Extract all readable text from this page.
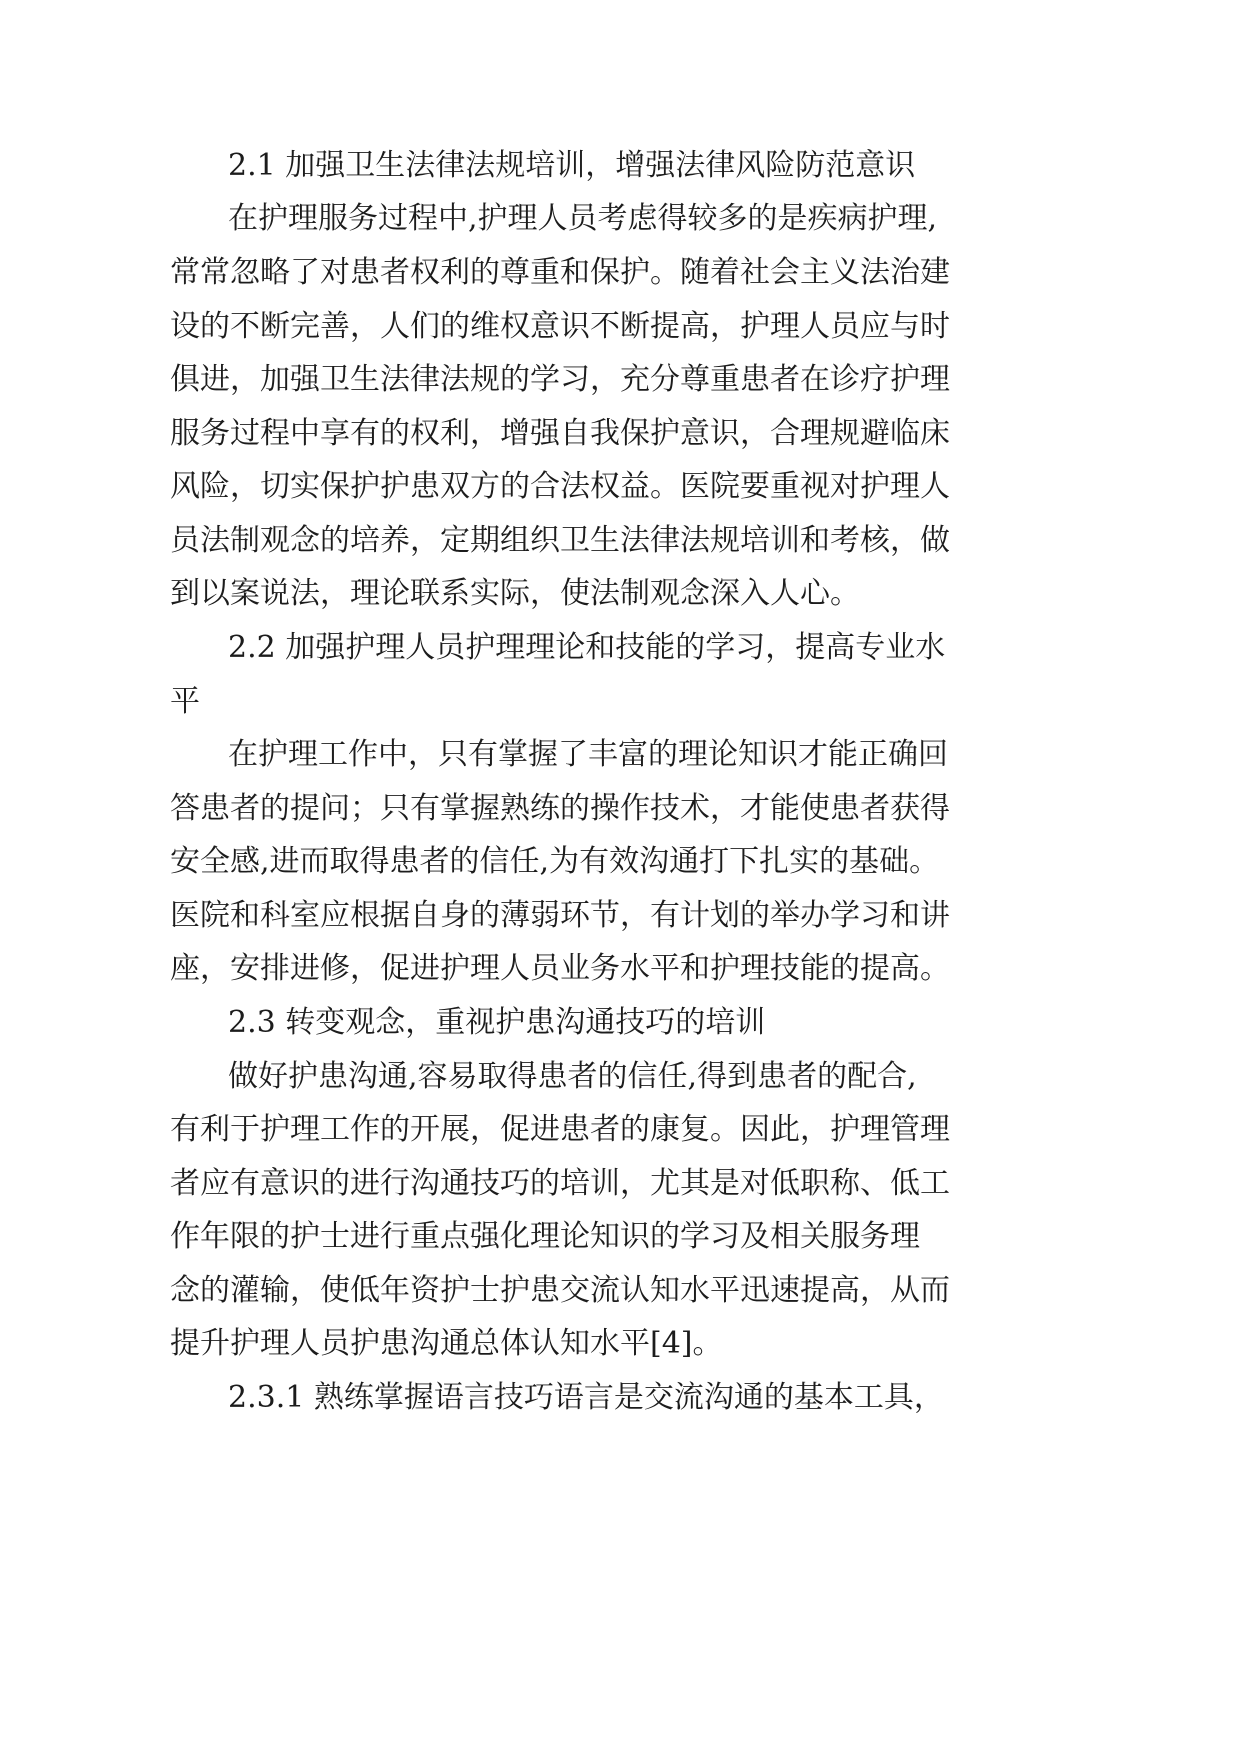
2.1 加强卫生法律法规培训，增强法律风险防范意识

在护理服务过程中,护理人员考虑得较多的是疾病护理,

常常忽略了对患者权利的尊重和保护。随着社会主义法治建

设的不断完善，人们的维权意识不断提高，护理人员应与时

俱进，加强卫生法律法规的学习，充分尊重患者在诊疗护理

服务过程中享有的权利，增强自我保护意识，合理规避临床

风险，切实保护护患双方的合法权益。医院要重视对护理人

员法制观念的培养，定期组织卫生法律法规培训和考核，做

到以案说法，理论联系实际，使法制观念深入人心。

2.2 加强护理人员护理理论和技能的学习，提高专业水

平

在护理工作中，只有掌握了丰富的理论知识才能正确回

答患者的提问；只有掌握熟练的操作技术，才能使患者获得

安全感,进而取得患者的信任,为有效沟通打下扎实的基础。

医院和科室应根据自身的薄弱环节，有计划的举办学习和讲

座，安排进修，促进护理人员业务水平和护理技能的提高。

2.3 转变观念，重视护患沟通技巧的培训

做好护患沟通,容易取得患者的信任,得到患者的配合,

有利于护理工作的开展，促进患者的康复。因此，护理管理

者应有意识的进行沟通技巧的培训，尤其是对低职称、低工

作年限的护士进行重点强化理论知识的学习及相关服务理

念的灌输，使低年资护士护患交流认知水平迅速提高，从而

提升护理人员护患沟通总体认知水平[4]。

2.3.1 熟练掌握语言技巧语言是交流沟通的基本工具，
